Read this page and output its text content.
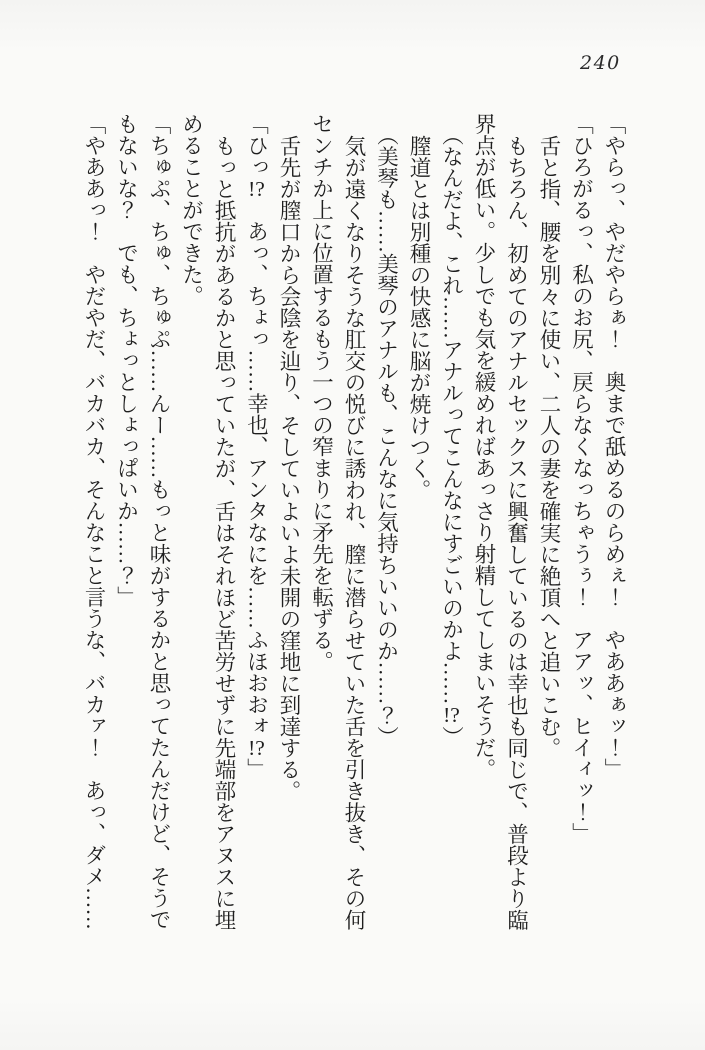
240

「やらっ、やだやらぁ！　奥まで舐めるのらめぇ！　やああぁッ！」

「ひろがるっ、私のお尻、戻らなくなっちゃうぅ！　アアッ、ヒイィッ！」

舌と指、腰を別々に使い、二人の妻を確実に絶頂へと追いこむ。

もちろん、初めてのアナルセックスに興奮しているのは幸也も同じで、普段より臨界点が低い。少しでも気を緩めればあっさり射精してしまいそうだ。

（なんだよ、これ……アナルってこんなにすごいのかよ……!?）

膣道とは別種の快感に脳が焼けつく。

（美琴も……美琴のアナルも、こんなに気持ちいいのか……？）

気が遠くなりそうな肛交の悦びに誘われ、膣に潜らせていた舌を引き抜き、その何センチか上に位置するもう一つの窄まりに矛先を転ずる。

舌先が膣口から会陰を辿り、そしていよいよ未開の窪地に到達する。

「ひっ!?　あっ、ちょっ……幸也、アンタなにを……ふほおおォ!?」

もっと抵抗があるかと思っていたが、舌はそれほど苦労せずに先端部をアヌスに埋めることができた。

「ちゅぷ、ちゅ、ちゅぷ……んー……もっと味がするかと思ってたんだけど、そうでもないな？　でも、ちょっとしょっぱいか……？」

「やああっ！　やだやだ、バカバカ、そんなこと言うな、バカァ！　あっ、ダメ……
